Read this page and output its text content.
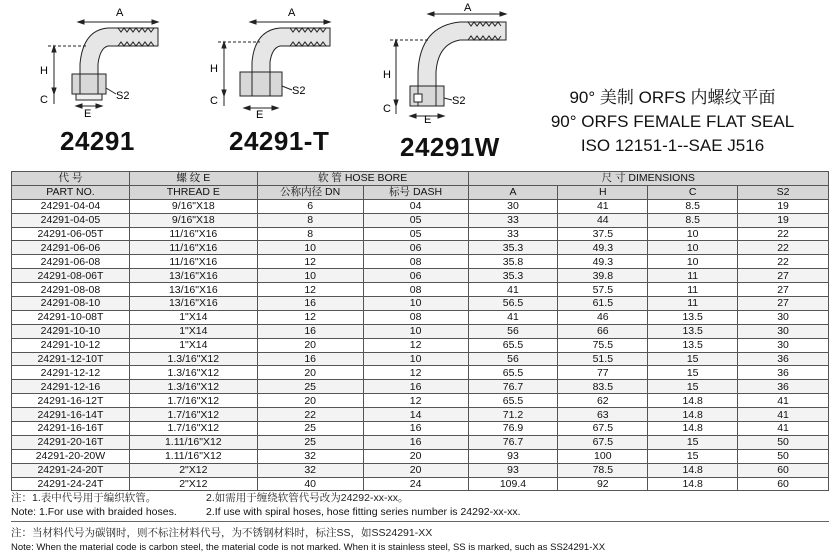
A
H
C
E
S2
24291
A
H
C
E
S2
24291-T
A
H
C
E
S2
24291W
90° 美制 ORFS 内螺纹平面
90° ORFS FEMALE FLAT SEAL
ISO 12151-1--SAE J516
代 号	螺 纹 E	软 管 HOSE BORE		尺 寸 DIMENSIONS			
PART NO.	THREAD E	公称内径 DN	标号 DASH	A	H	C	S2
24291-04-04	9/16"X18	6	04	30	41	8.5	19
24291-04-05	9/16"X18	8	05	33	44	8.5	19
24291-06-05T	11/16"X16	8	05	33	37.5	10	22
24291-06-06	11/16"X16	10	06	35.3	49.3	10	22
24291-06-08	11/16"X16	12	08	35.8	49.3	10	22
24291-08-06T	13/16"X16	10	06	35.3	39.8	11	27
24291-08-08	13/16"X16	12	08	41	57.5	11	27
24291-08-10	13/16"X16	16	10	56.5	61.5	11	27
24291-10-08T	1"X14	12	08	41	46	13.5	30
24291-10-10	1"X14	16	10	56	66	13.5	30
24291-10-12	1"X14	20	12	65.5	75.5	13.5	30
24291-12-10T	1.3/16"X12	16	10	56	51.5	15	36
24291-12-12	1.3/16"X12	20	12	65.5	77	15	36
24291-12-16	1.3/16"X12	25	16	76.7	83.5	15	36
24291-16-12T	1.7/16"X12	20	12	65.5	62	14.8	41
24291-16-14T	1.7/16"X12	22	14	71.2	63	14.8	41
24291-16-16T	1.7/16"X12	25	16	76.9	67.5	14.8	41
24291-20-16T	1.11/16"X12	25	16	76.7	67.5	15	50
24291-20-20W	1.11/16"X12	32	20	93	100	15	50
24291-24-20T	2"X12	32	20	93	78.5	14.8	60
24291-24-24T	2"X12	40	24	109.4	92	14.8	60
注：1.表中代号用于编织软管。	2.如需用于缠绕软管代号改为24292-xx-xx。
Note: 1.For use with braided hoses.	2.If use with spiral hoses, hose fitting series number is 24292-xx-xx.
注：当材料代号为碳钢时，则不标注材料代号，为不锈钢材料时，标注SS，如SS24291-XX
Note: When the material code is carbon steel, the material code is not marked. When it is stainless steel, SS is marked, such as SS24291-XX
